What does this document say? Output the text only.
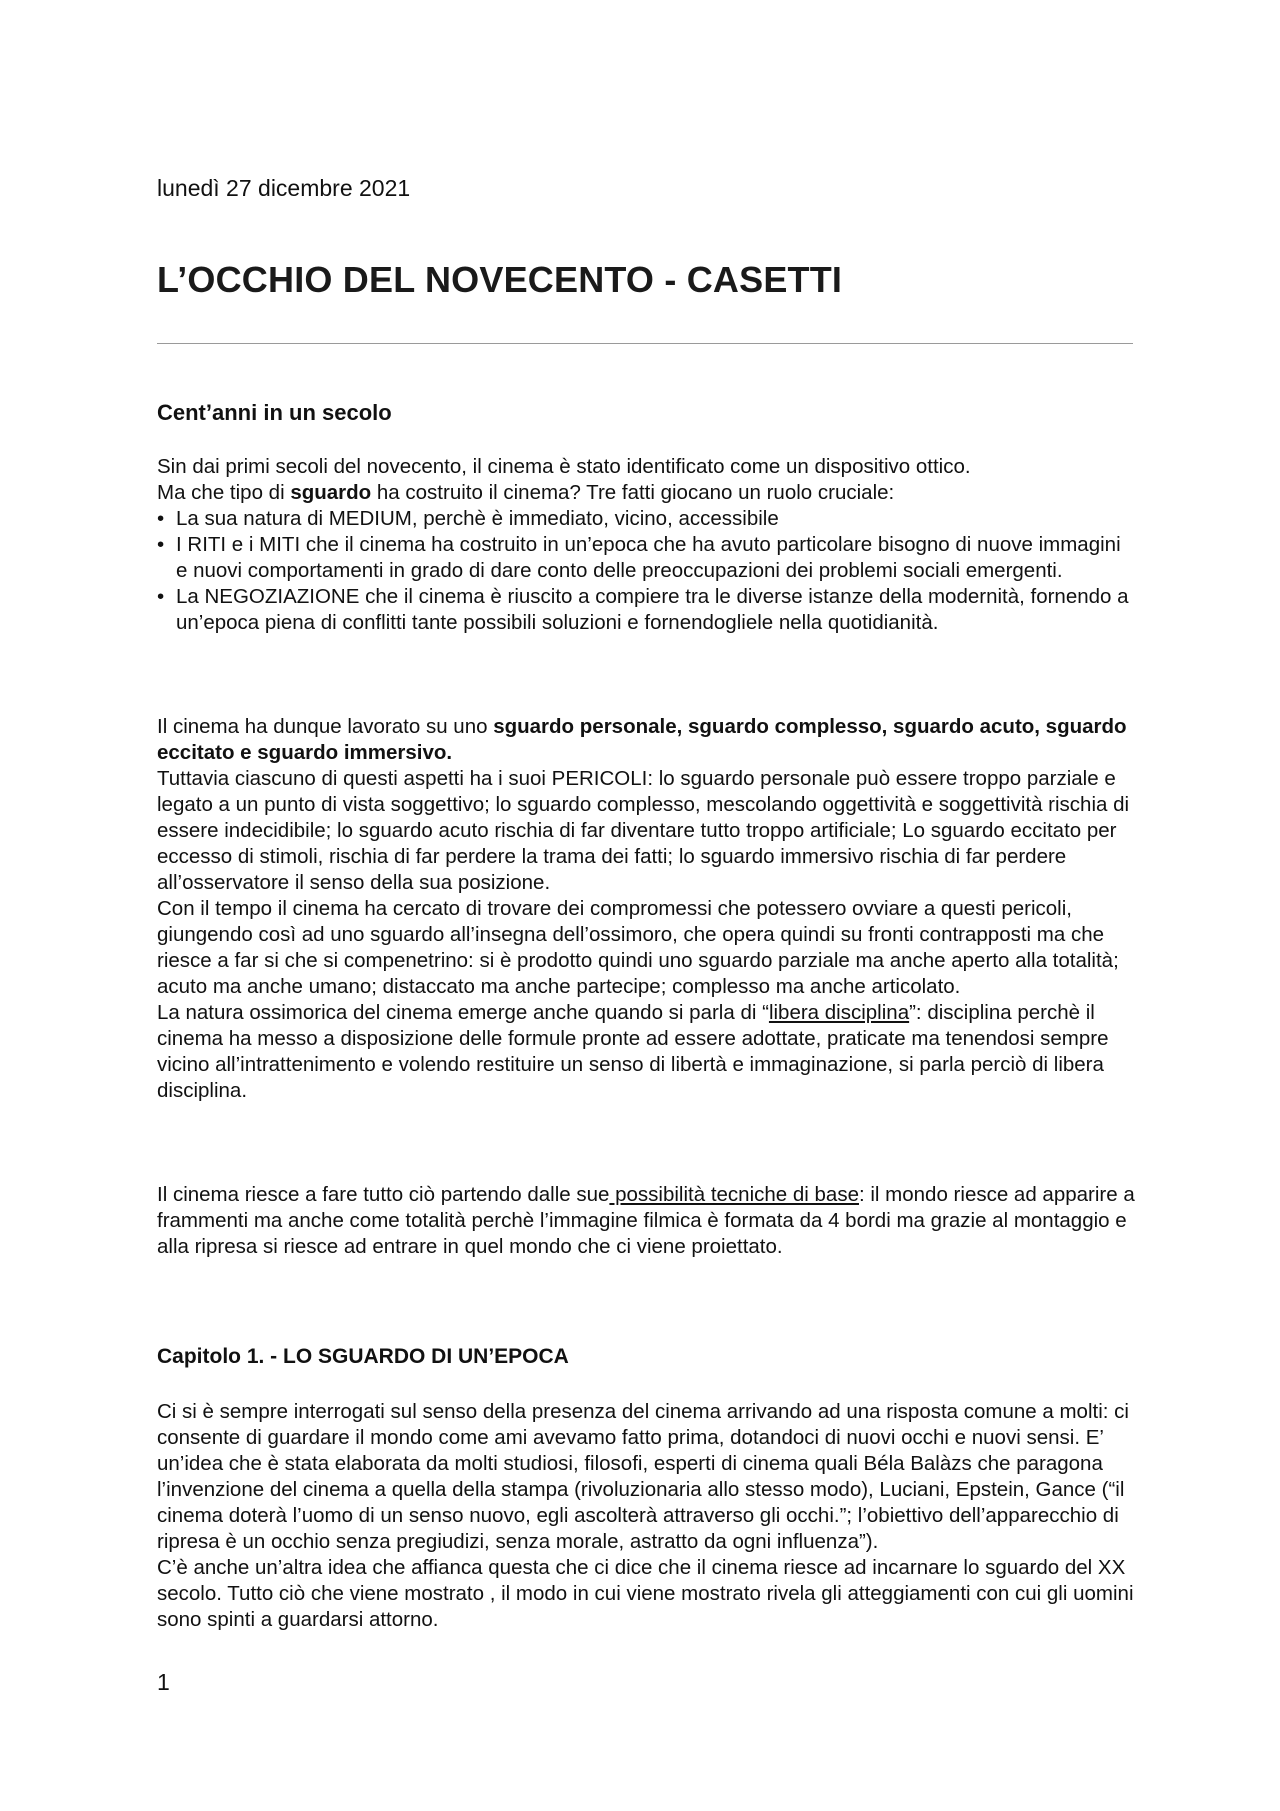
lunedì 27 dicembre 2021
L’OCCHIO DEL NOVECENTO - CASETTI
Cent’anni in un secolo

Sin dai primi secoli del novecento, il cinema è stato identificato come un dispositivo ottico.
Ma che tipo di sguardo ha costruito il cinema? Tre fatti giocano un ruolo cruciale:

• La sua natura di MEDIUM, perchè è immediato, vicino, accessibile
• I RITI e i MITI che il cinema ha costruito in un’epoca che ha avuto particolare bisogno di nuove immagini e nuovi comportamenti in grado di dare conto delle preoccupazioni dei problemi sociali emergenti.
• La NEGOZIAZIONE che il cinema è riuscito a compiere tra le diverse istanze della modernità, fornendo a un’epoca piena di conflitti tante possibili soluzioni e fornendogliele nella quotidianità.

Il cinema ha dunque lavorato su uno sguardo personale, sguardo complesso, sguardo acuto, sguardo eccitato e sguardo immersivo.

Tuttavia ciascuno di questi aspetti ha i suoi PERICOLI: lo sguardo personale può essere troppo parziale e legato a un punto di vista soggettivo; lo sguardo complesso, mescolando oggettività e soggettività rischia di essere indecidibile; lo sguardo acuto rischia di far diventare tutto troppo artificiale; Lo sguardo eccitato per eccesso di stimoli, rischia di far perdere la trama dei fatti; lo sguardo immersivo rischia di far perdere all’osservatore il senso della sua posizione.

Con il tempo il cinema ha cercato di trovare dei compromessi che potessero ovviare a questi pericoli, giungendo così ad uno sguardo all’insegna dell’ossimoro, che opera quindi su fronti contrapposti ma che riesce a far si che si compenetrino: si è prodotto quindi uno sguardo parziale ma anche aperto alla totalità; acuto ma anche umano; distaccato ma anche partecipe; complesso ma anche articolato.

La natura ossimorica del cinema emerge anche quando si parla di “libera disciplina”: disciplina perchè il cinema ha messo a disposizione delle formule pronte ad essere adottate, praticate ma tenendosi sempre vicino all’intrattenimento e volendo restituire un senso di libertà e immaginazione, si parla perciò di libera disciplina.

Il cinema riesce a fare tutto ciò partendo dalle sue possibilità tecniche di base: il mondo riesce ad apparire a frammenti ma anche come totalità perchè l’immagine filmica è formata da 4 bordi ma grazie al montaggio e alla ripresa si riesce ad entrare in quel mondo che ci viene proiettato.

Capitolo 1. - LO SGUARDO DI UN’EPOCA

Ci si è sempre interrogati sul senso della presenza del cinema arrivando ad una risposta comune a molti: ci consente di guardare il mondo come ami avevamo fatto prima, dotandoci di nuovi occhi e nuovi sensi. E’ un’idea che è stata elaborata da molti studiosi, filosofi, esperti di cinema quali Béla Balàzs che paragona l’invenzione del cinema a quella della stampa (rivoluzionaria allo stesso modo), Luciani, Epstein, Gance (“il cinema doterà l’uomo di un senso nuovo, egli ascolterà attraverso gli occhi.”; l’obiettivo dell’apparecchio di ripresa è un occhio senza pregiudizi, senza morale, astratto da ogni influenza”).

C’è anche un’altra idea che affianca questa che ci dice che il cinema riesce ad incarnare lo sguardo del XX secolo. Tutto ciò che viene mostrato , il modo in cui viene mostrato rivela gli atteggiamenti con cui gli uomini sono spinti a guardarsi attorno.

1
